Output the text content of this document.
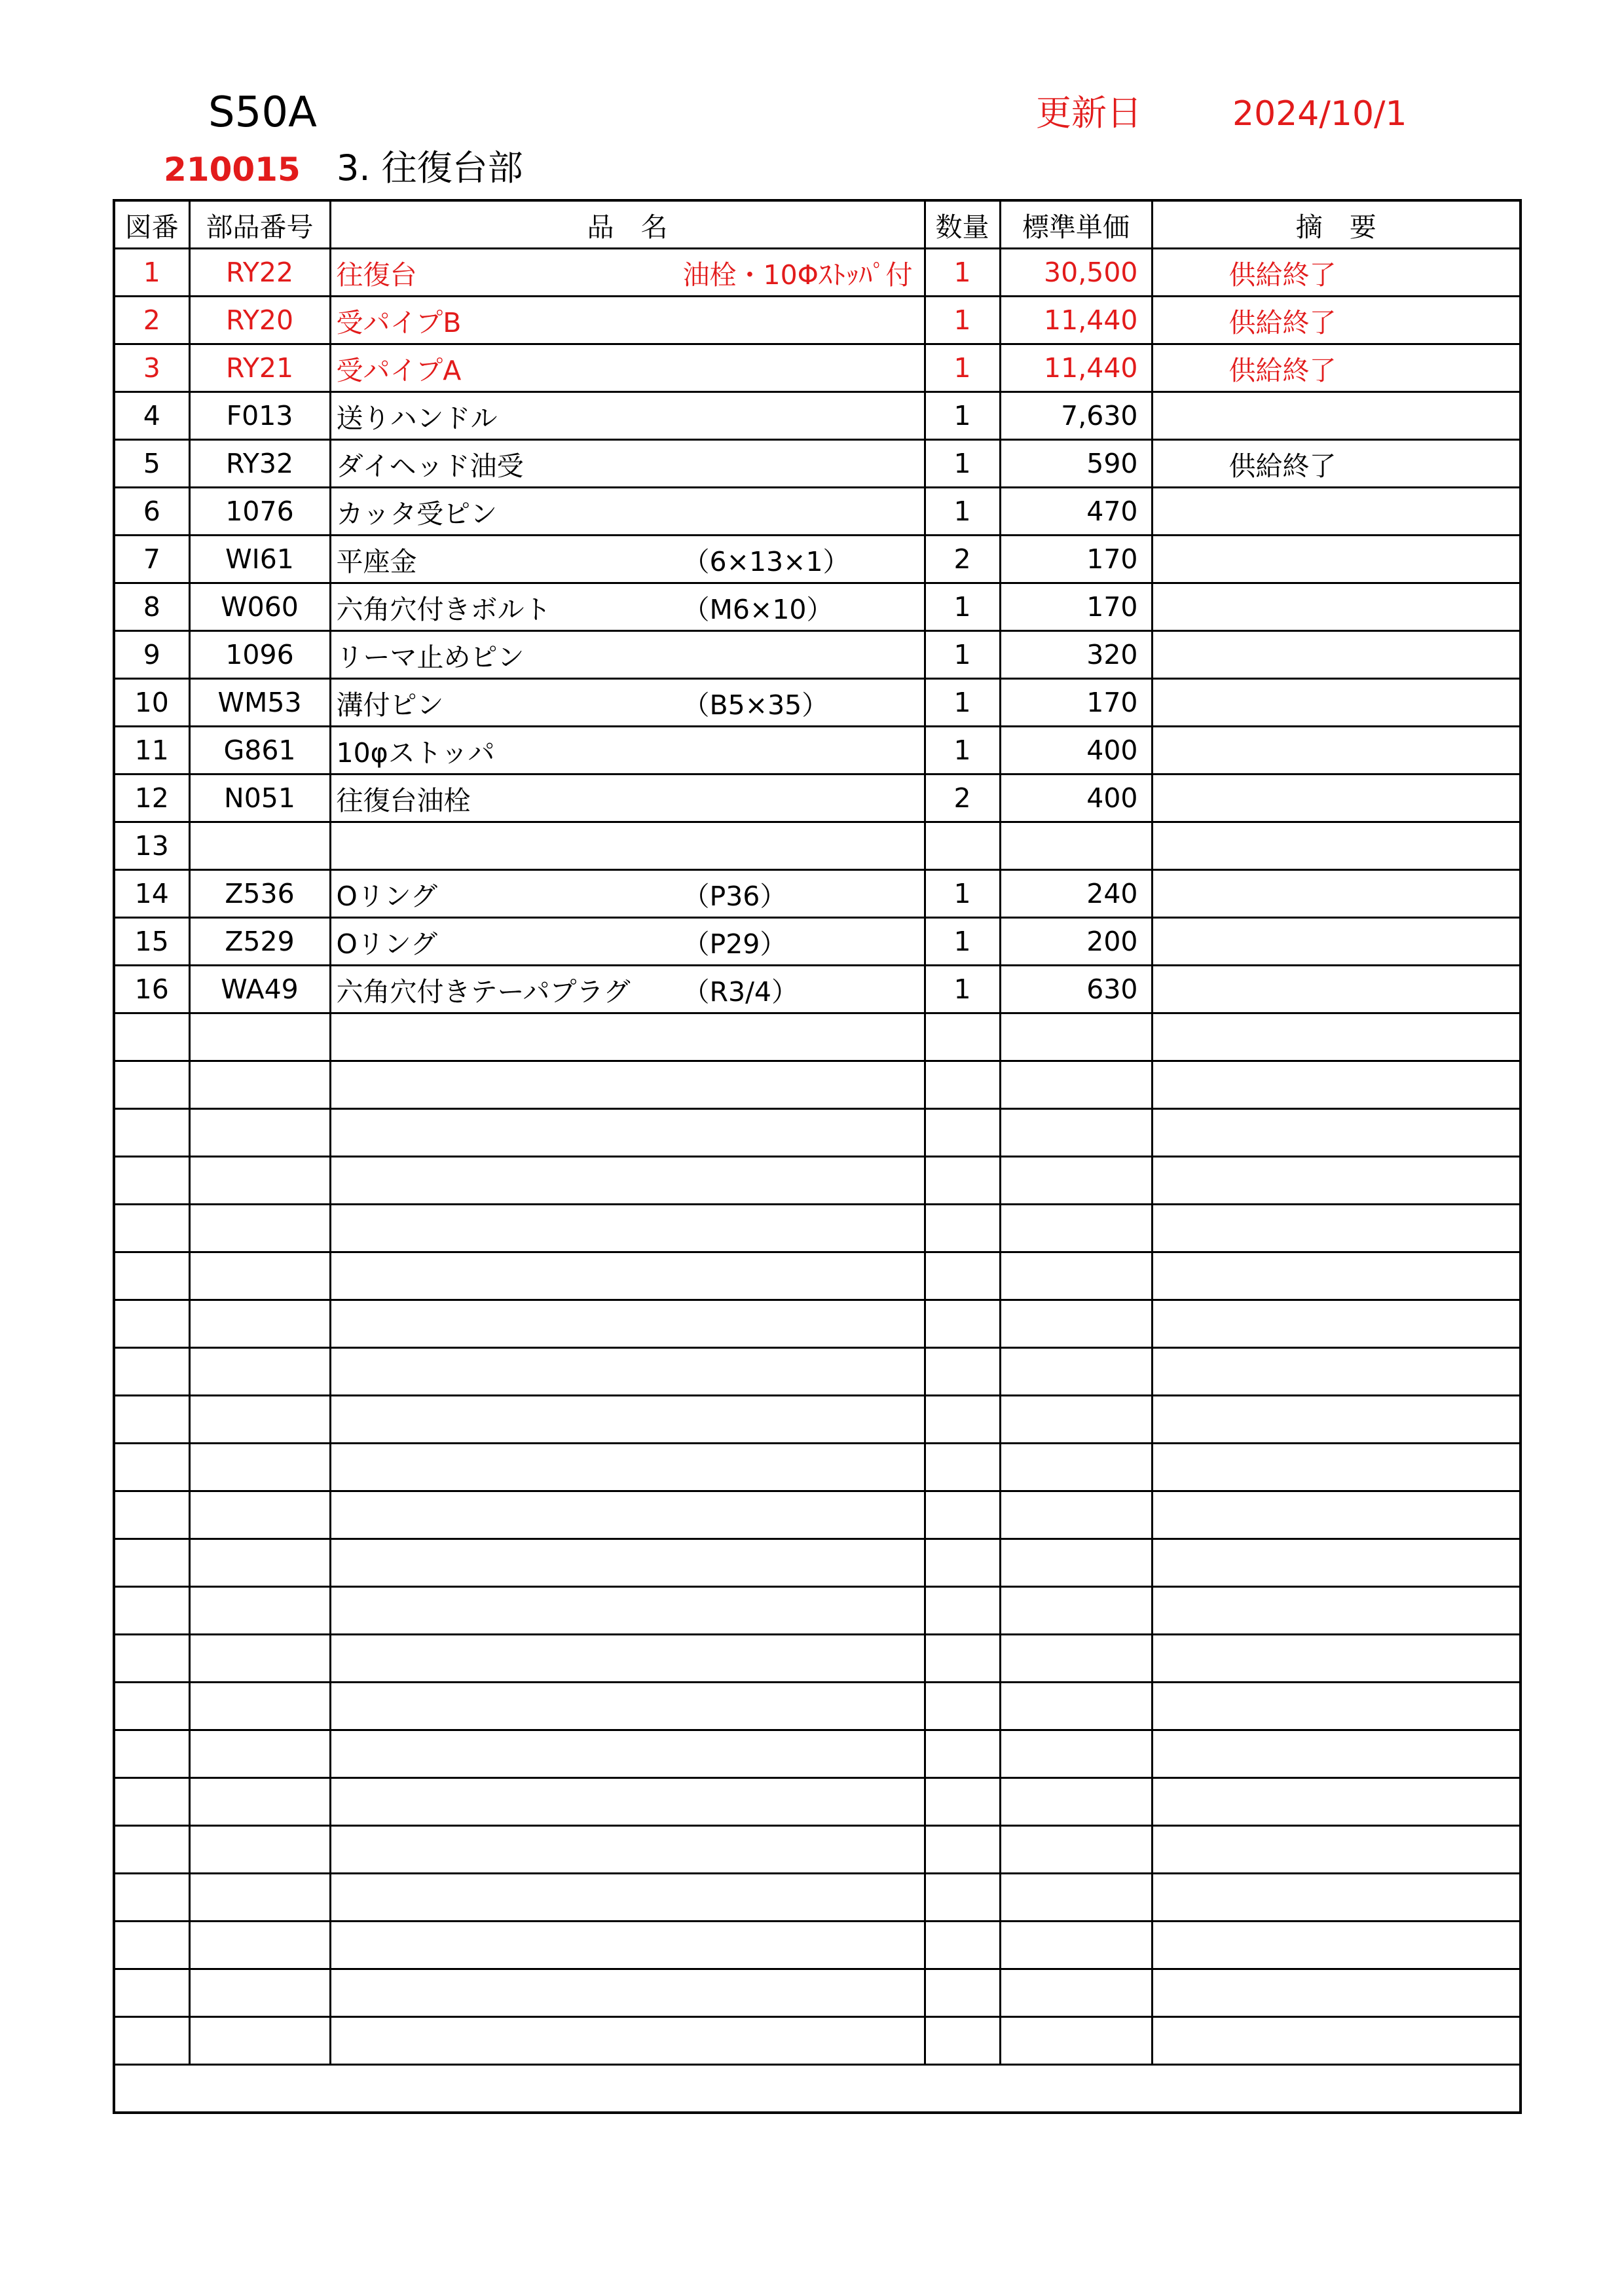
S50A	更新日	2024/10/1
210015 3. 往復台部
図番	部品番号	品　名	数量	標準単価	摘　要
1	RY22	往復台 油栓・10Φｽﾄｯﾊﾟ付	1	30,500	供給終了
2	RY20	受パイプB	1	11,440	供給終了
3	RY21	受パイプA	1	11,440	供給終了
4	F013	送りハンドル	1	7,630	
5	RY32	ダイヘッド油受	1	590	供給終了
6	1076	カッタ受ピン	1	470	
7	WI61	平座金 （6×13×1）	2	170	
8	W060	六角穴付きボルト （M6×10）	1	170	
9	1096	リーマ止めピン	1	320	
10	WM53	溝付ピン （B5×35）	1	170	
11	G861	10φストッパ	1	400	
12	N051	往復台油栓	2	400	
13		

14	Z536	Oリング （P36）	1	240	
15	Z529	Oリング （P29）	1	200	
16	WA49	六角穴付きテーパプラグ （R3/4）	1	630	
